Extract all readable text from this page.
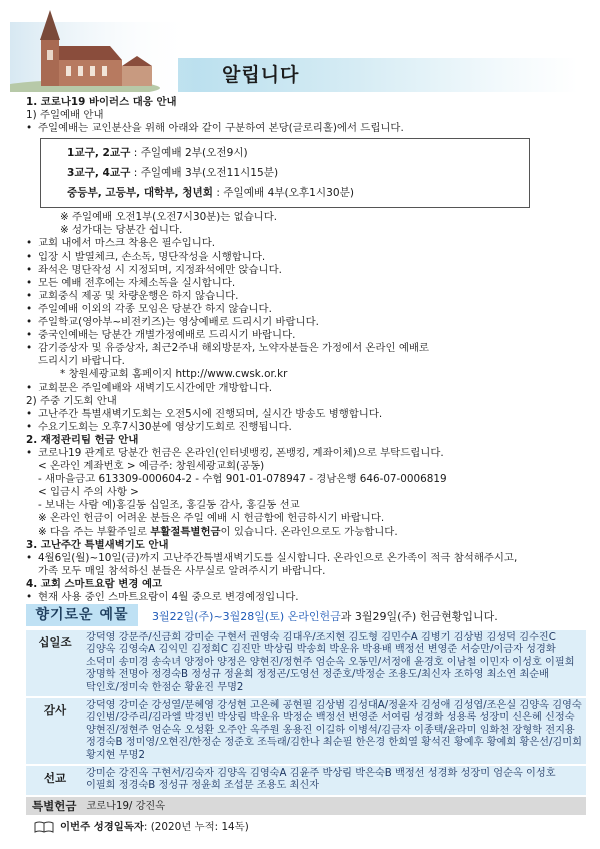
알립니다
1. 코로나19 바이러스 대응 안내
1) 주일예배 안내
• 주일예배는 교인분산을 위해 아래와 같이 구분하여 본당(글로리홀)에서 드립니다.
1교구, 2교구 : 주일예배 2부(오전9시)
3교구, 4교구 : 주일예배 3부(오전11시15분)
중등부, 고등부, 대학부, 청년회 : 주일예배 4부(오후1시30분)
※ 주일예배 오전1부(오전7시30분)는 없습니다.
※ 성가대는 당분간 쉽니다.
• 교회 내에서 마스크 착용은 필수입니다.
• 입장 시 발열체크, 손소독, 명단작성을 시행합니다.
• 좌석은 명단작성 시 지정되며, 지정좌석에만 앉습니다.
• 모든 예배 전후에는 자체소독을 실시합니다.
• 교회중식 제공 및 차량운행은 하지 않습니다.
• 주일예배 이외의 각종 모임은 당분간 하지 않습니다.
• 주일학교(영아부~비전키즈)는 영상예배로 드리시기 바랍니다.
• 중국인예배는 당분간 개별가정예배로 드리시기 바랍니다.
• 감기증상자 및 유증상자, 최근2주내 해외방문자, 노약자분들은 가정에서 온라인 예배로
드리시기 바랍니다.
* 창원세광교회 홈페이지 http://www.cwsk.or.kr
• 교회문은 주일예배와 새벽기도시간에만 개방합니다.
2) 주중 기도회 안내
• 고난주간 특별새벽기도회는 오전5시에 진행되며, 실시간 방송도 병행합니다.
• 수요기도회는 오후7시30분에 영상기도회로 진행됩니다.
2. 재정관리팀 헌금 안내
• 코로나19 관계로 당분간 헌금은 온라인(인터넷뱅킹, 폰뱅킹, 계좌이체)으로 부탁드립니다.
< 온라인 계좌번호 > 예금주: 창원세광교회(공동)
- 새마을금고 613309-000604-2 - 수협 901-01-078947 - 경남은행 646-07-0006819
< 입금시 주의 사항 >
- 보내는 사람 예)홍길동 십일조, 홍길동 감사, 홍길동 선교
※ 온라인 헌금이 어려운 분들은 주일 예배 시 헌금함에 헌금하시기 바랍니다.
※ 다음 주는 부활주일로 부활절특별헌금이 있습니다. 온라인으로도 가능합니다.
3. 고난주간 특별새벽기도 안내
• 4월6일(월)~10일(금)까지 고난주간특별새벽기도를 실시합니다. 온라인으로 온가족이 적극 참석해주시고,
가족 모두 매일 참석하신 분들은 사무실로 알려주시기 바랍니다.
4. 교회 스마트요람 변경 예고
• 현재 사용 중인 스마트요람이 4월 중으로 변경예정입니다.
향기로운 예물	3월22일(주)~3월28일(토) 온라인헌금과 3월29일(주) 헌금현황입니다.
십일조	강덕영 강문주/신금희 강미순 구현서 권영숙 김대우/조지현 김도형 김민수A 김병기 김상범 김성덕 김수진C 김양옥 김영숙A 김익민 김정희C 김진만 박상림 박송희 박운유 박용배 백정선 변영준 서승만/이금자 성경화 소덕미 송미경 송숙녀 양정아 양정은 양현진/정현주 엄순옥 오동민/서정애 윤경호 이남철 이민자 이성호 이필희 장명학 전명아 정경숙B 정성규 정윤희 정정곤/도영선 정준호/박정순 조용도/최신자 조하영 최소연 최순배 탁인호/정미숙 한점순 황윤진 무명2
감사	강덕영 강미순 강성열/문혜영 강성현 고은혜 공현필 김상범 김성대A/정윤자 김성애 김성엽/조은실 김양옥 김영숙 김인범/강주리/김라엘 박경빈 박상림 박운유 박정순 백정선 변영준 서여림 성경화 성용록 성장미 신은혜 신정숙 양현진/정현주 엄순옥 오성환 오주안 옥주원 옹용진 이길하 이병석/김금자 이종택/윤라미 임화천 장형학 전지용 정경숙B 정미영/오현진/한정순 정준호 조득래/김한나 최순필 한은경 한희열 황석진 황예후 황예희 황은선/김미희 황지현 무명2
선교	강미순 강진옥 구현서/김숙자 김양옥 김영숙A 김윤주 박상림 박은숙B 백정선 성경화 성장미 엄순옥 이성호 이필희 정경숙B 정성규 정윤희 조섭문 조용도 최신자
특별헌금 코로나19/ 강진옥
이번주 성경일독자: (2020년 누적: 14독)
